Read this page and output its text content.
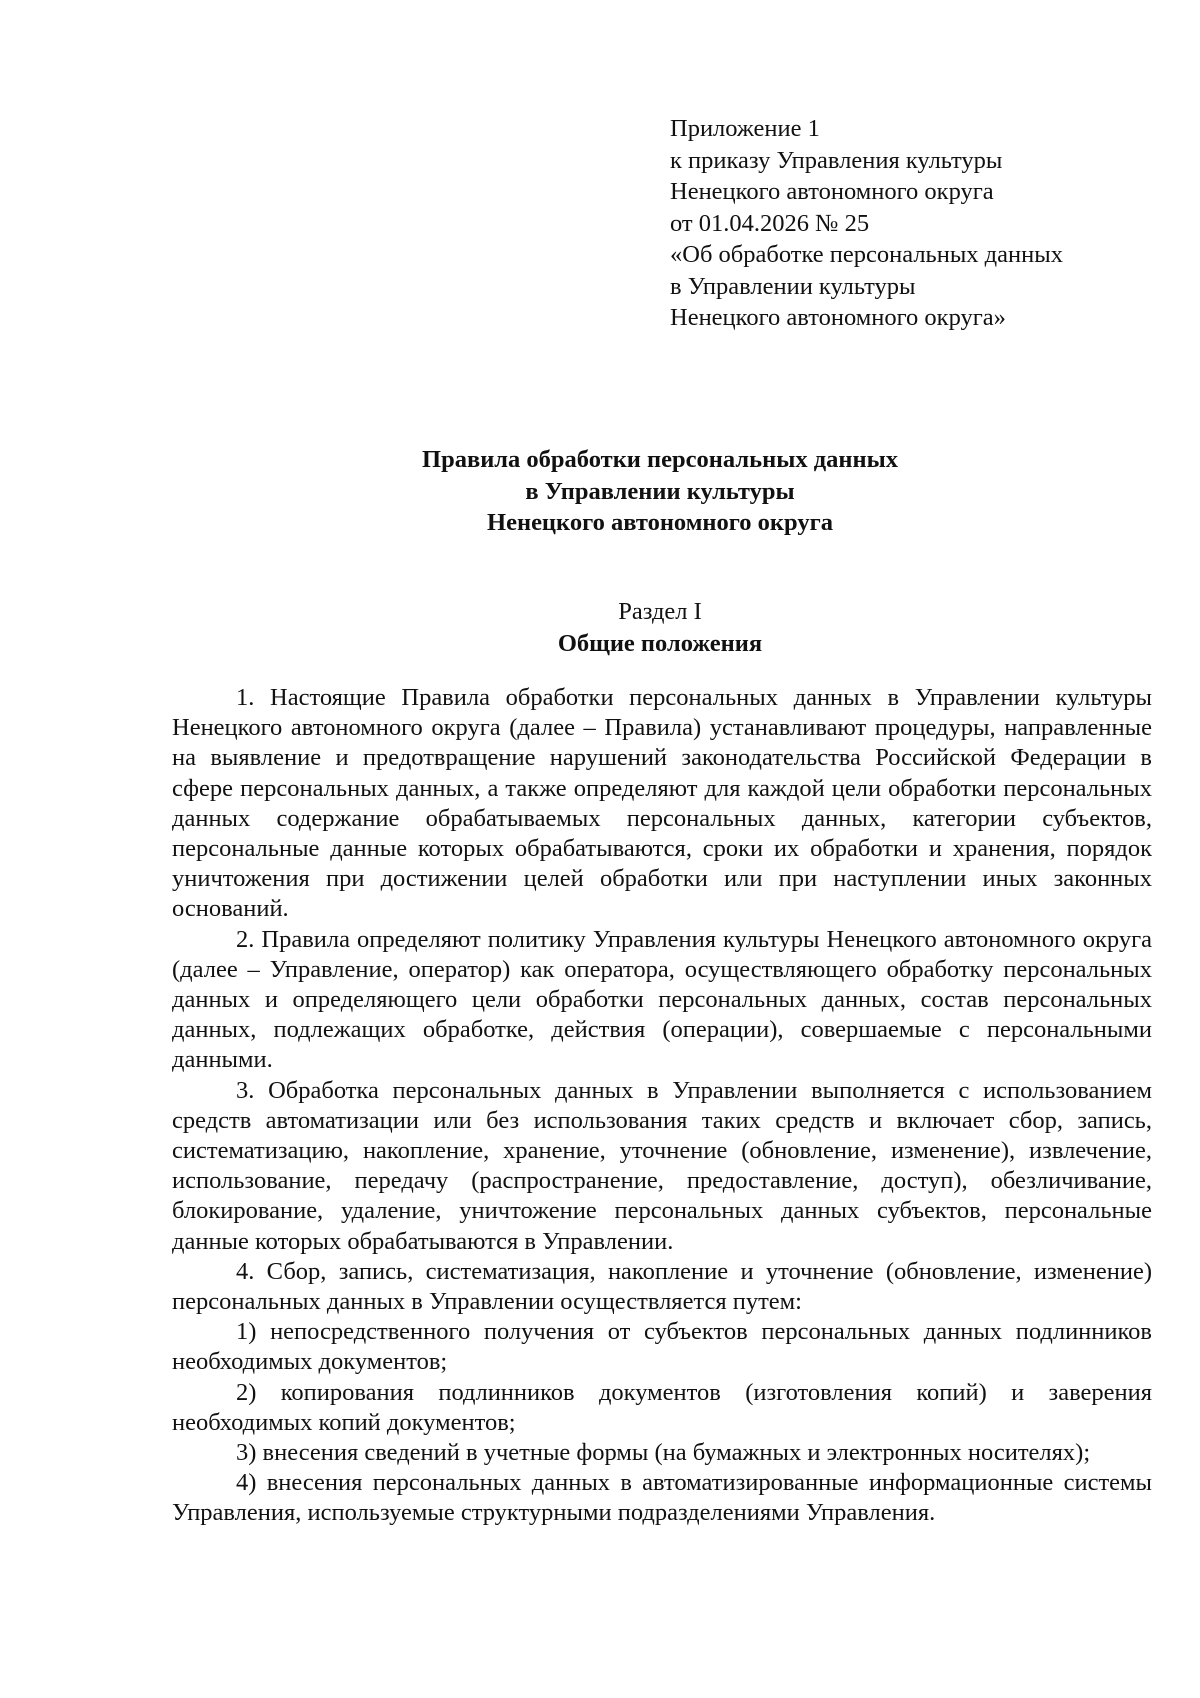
Приложение 1
к приказу Управления культуры
Ненецкого автономного округа
от 01.04.2026 № 25
«Об обработке персональных данных
в Управлении культуры
Ненецкого автономного округа»
Правила обработки персональных данных
в Управлении культуры
Ненецкого автономного округа
Раздел I
Общие положения

1. Настоящие Правила обработки персональных данных в Управлении культуры Ненецкого автономного округа (далее – Правила) устанавливают процедуры, направленные на выявление и предотвращение нарушений законодательства Российской Федерации в сфере персональных данных, а также определяют для каждой цели обработки персональных данных содержание обрабатываемых персональных данных, категории субъектов, персональные данные которых обрабатываются, сроки их обработки и хранения, порядок уничтожения при достижении целей обработки или при наступлении иных законных оснований.

2. Правила определяют политику Управления культуры Ненецкого автономного округа (далее – Управление, оператор) как оператора, осуществляющего обработку персональных данных и определяющего цели обработки персональных данных, состав персональных данных, подлежащих обработке, действия (операции), совершаемые с персональными данными.

3. Обработка персональных данных в Управлении выполняется с использованием средств автоматизации или без использования таких средств и включает сбор, запись, систематизацию, накопление, хранение, уточнение (обновление, изменение), извлечение, использование, передачу (распространение, предоставление, доступ), обезличивание, блокирование, удаление, уничтожение персональных данных субъектов, персональные данные которых обрабатываются в Управлении.

4. Сбор, запись, систематизация, накопление и уточнение (обновление, изменение) персональных данных в Управлении осуществляется путем:

1) непосредственного получения от субъектов персональных данных подлинников необходимых документов;

2) копирования подлинников документов (изготовления копий) и заверения необходимых копий документов;

3) внесения сведений в учетные формы (на бумажных и электронных носителях);

4) внесения персональных данных в автоматизированные информационные системы Управления, используемые структурными подразделениями Управления.
